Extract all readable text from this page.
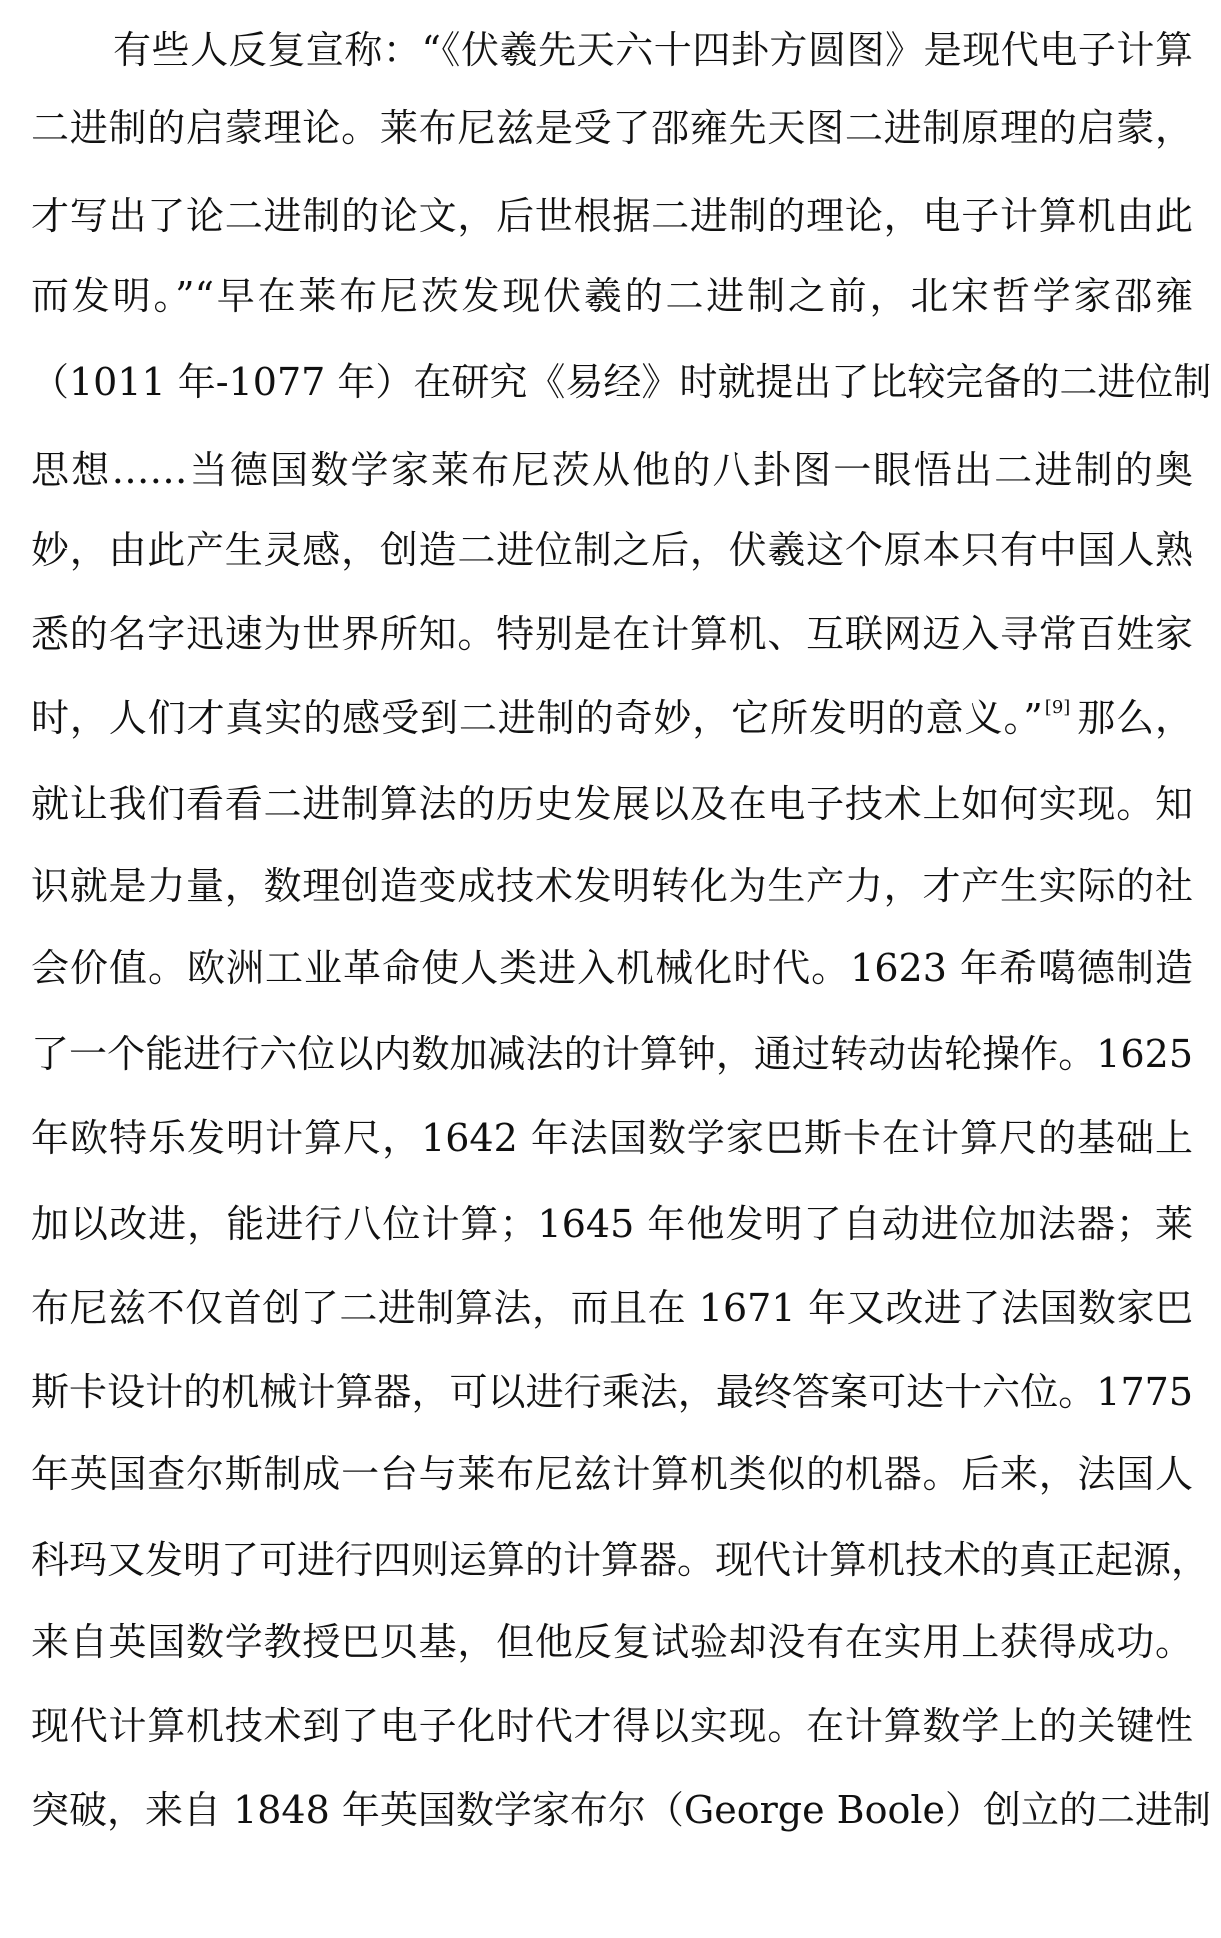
有些人反复宣称：“《伏羲先天六十四卦方圆图》是现代电子计算
二进制的启蒙理论。莱布尼兹是受了邵雍先天图二进制原理的启蒙，
才写出了论二进制的论文，后世根据二进制的理论，电子计算机由此
而发明。”“早在莱布尼茨发现伏羲的二进制之前，北宋哲学家邵雍
（1011 年-1077 年）在研究《易经》时就提出了比较完备的二进位制
思想……当德国数学家莱布尼茨从他的八卦图一眼悟出二进制的奥
妙，由此产生灵感，创造二进位制之后，伏羲这个原本只有中国人熟
悉的名字迅速为世界所知。特别是在计算机、互联网迈入寻常百姓家
时，人们才真实的感受到二进制的奇妙，它所发明的意义。” [9] 那么，
就让我们看看二进制算法的历史发展以及在电子技术上如何实现。知
识就是力量，数理创造变成技术发明转化为生产力，才产生实际的社
会价值。欧洲工业革命使人类进入机械化时代。1623 年希噶德制造
了一个能进行六位以内数加减法的计算钟，通过转动齿轮操作。1625
年欧特乐发明计算尺，1642 年法国数学家巴斯卡在计算尺的基础上
加以改进，能进行八位计算；1645 年他发明了自动进位加法器；莱
布尼兹不仅首创了二进制算法，而且在 1671 年又改进了法国数家巴
斯卡设计的机械计算器，可以进行乘法，最终答案可达十六位。1775
年英国查尔斯制成一台与莱布尼兹计算机类似的机器。后来，法国人
科玛又发明了可进行四则运算的计算器。现代计算机技术的真正起源，
来自英国数学教授巴贝基，但他反复试验却没有在实用上获得成功。
现代计算机技术到了电子化时代才得以实现。在计算数学上的关键性
突破，来自 1848 年英国数学家布尔（George Boole）创立的二进制
